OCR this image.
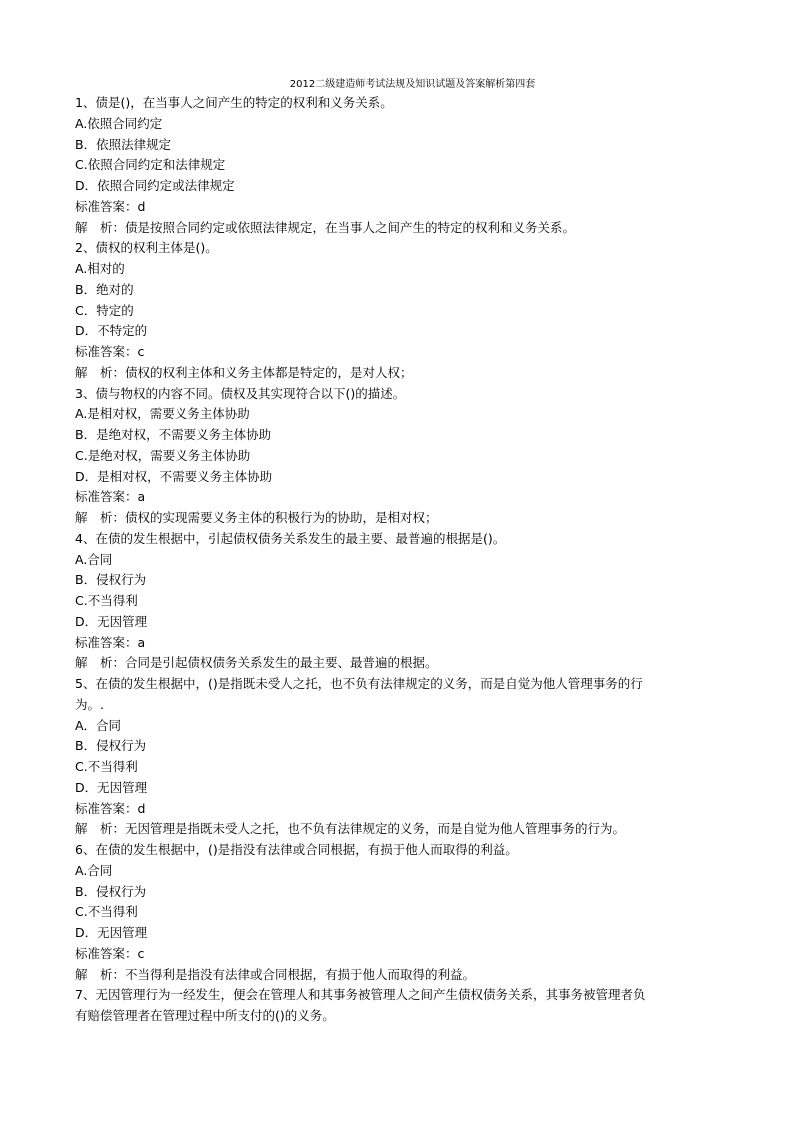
2012二级建造师考试法规及知识试题及答案解析第四套
1、债是()，在当事人之间产生的特定的权利和义务关系。
A.依照合同约定
B．依照法律规定
C.依照合同约定和法律规定
D．依照合同约定或法律规定
标准答案：d
解　析：债是按照合同约定或依照法律规定，在当事人之间产生的特定的权利和义务关系。
2、债权的权利主体是()。
A.相对的
B．绝对的
C．特定的
D．不特定的
标准答案：c
解　析：债权的权利主体和义务主体都是特定的，是对人权；
3、债与物权的内容不同。债权及其实现符合以下()的描述。
A.是相对权，需要义务主体协助
B．是绝对权，不需要义务主体协助
C.是绝对权，需要义务主体协助
D．是相对权，不需要义务主体协助
标准答案：a
解　析：债权的实现需要义务主体的积极行为的协助，是相对权；
4、在债的发生根据中，引起债权债务关系发生的最主要、最普遍的根据是()。
A.合同
B．侵权行为
C.不当得利
D．无因管理
标准答案：a
解　析：合同是引起债权债务关系发生的最主要、最普遍的根据。
5、在债的发生根据中，()是指既未受人之托，也不负有法律规定的义务，而是自觉为他人管理事务的行
为。.
A．合同
B．侵权行为
C.不当得利
D．无因管理
标准答案：d
解　析：无因管理是指既未受人之托，也不负有法律规定的义务，而是自觉为他人管理事务的行为。
6、在债的发生根据中，()是指没有法律或合同根据，有损于他人而取得的利益。
A.合同
B．侵权行为
C.不当得利
D．无因管理
标准答案：c
解　析：不当得利是指没有法律或合同根据，有损于他人而取得的利益。
7、无因管理行为一经发生，便会在管理人和其事务被管理人之间产生债权债务关系，其事务被管理者负
有赔偿管理者在管理过程中所支付的()的义务。
